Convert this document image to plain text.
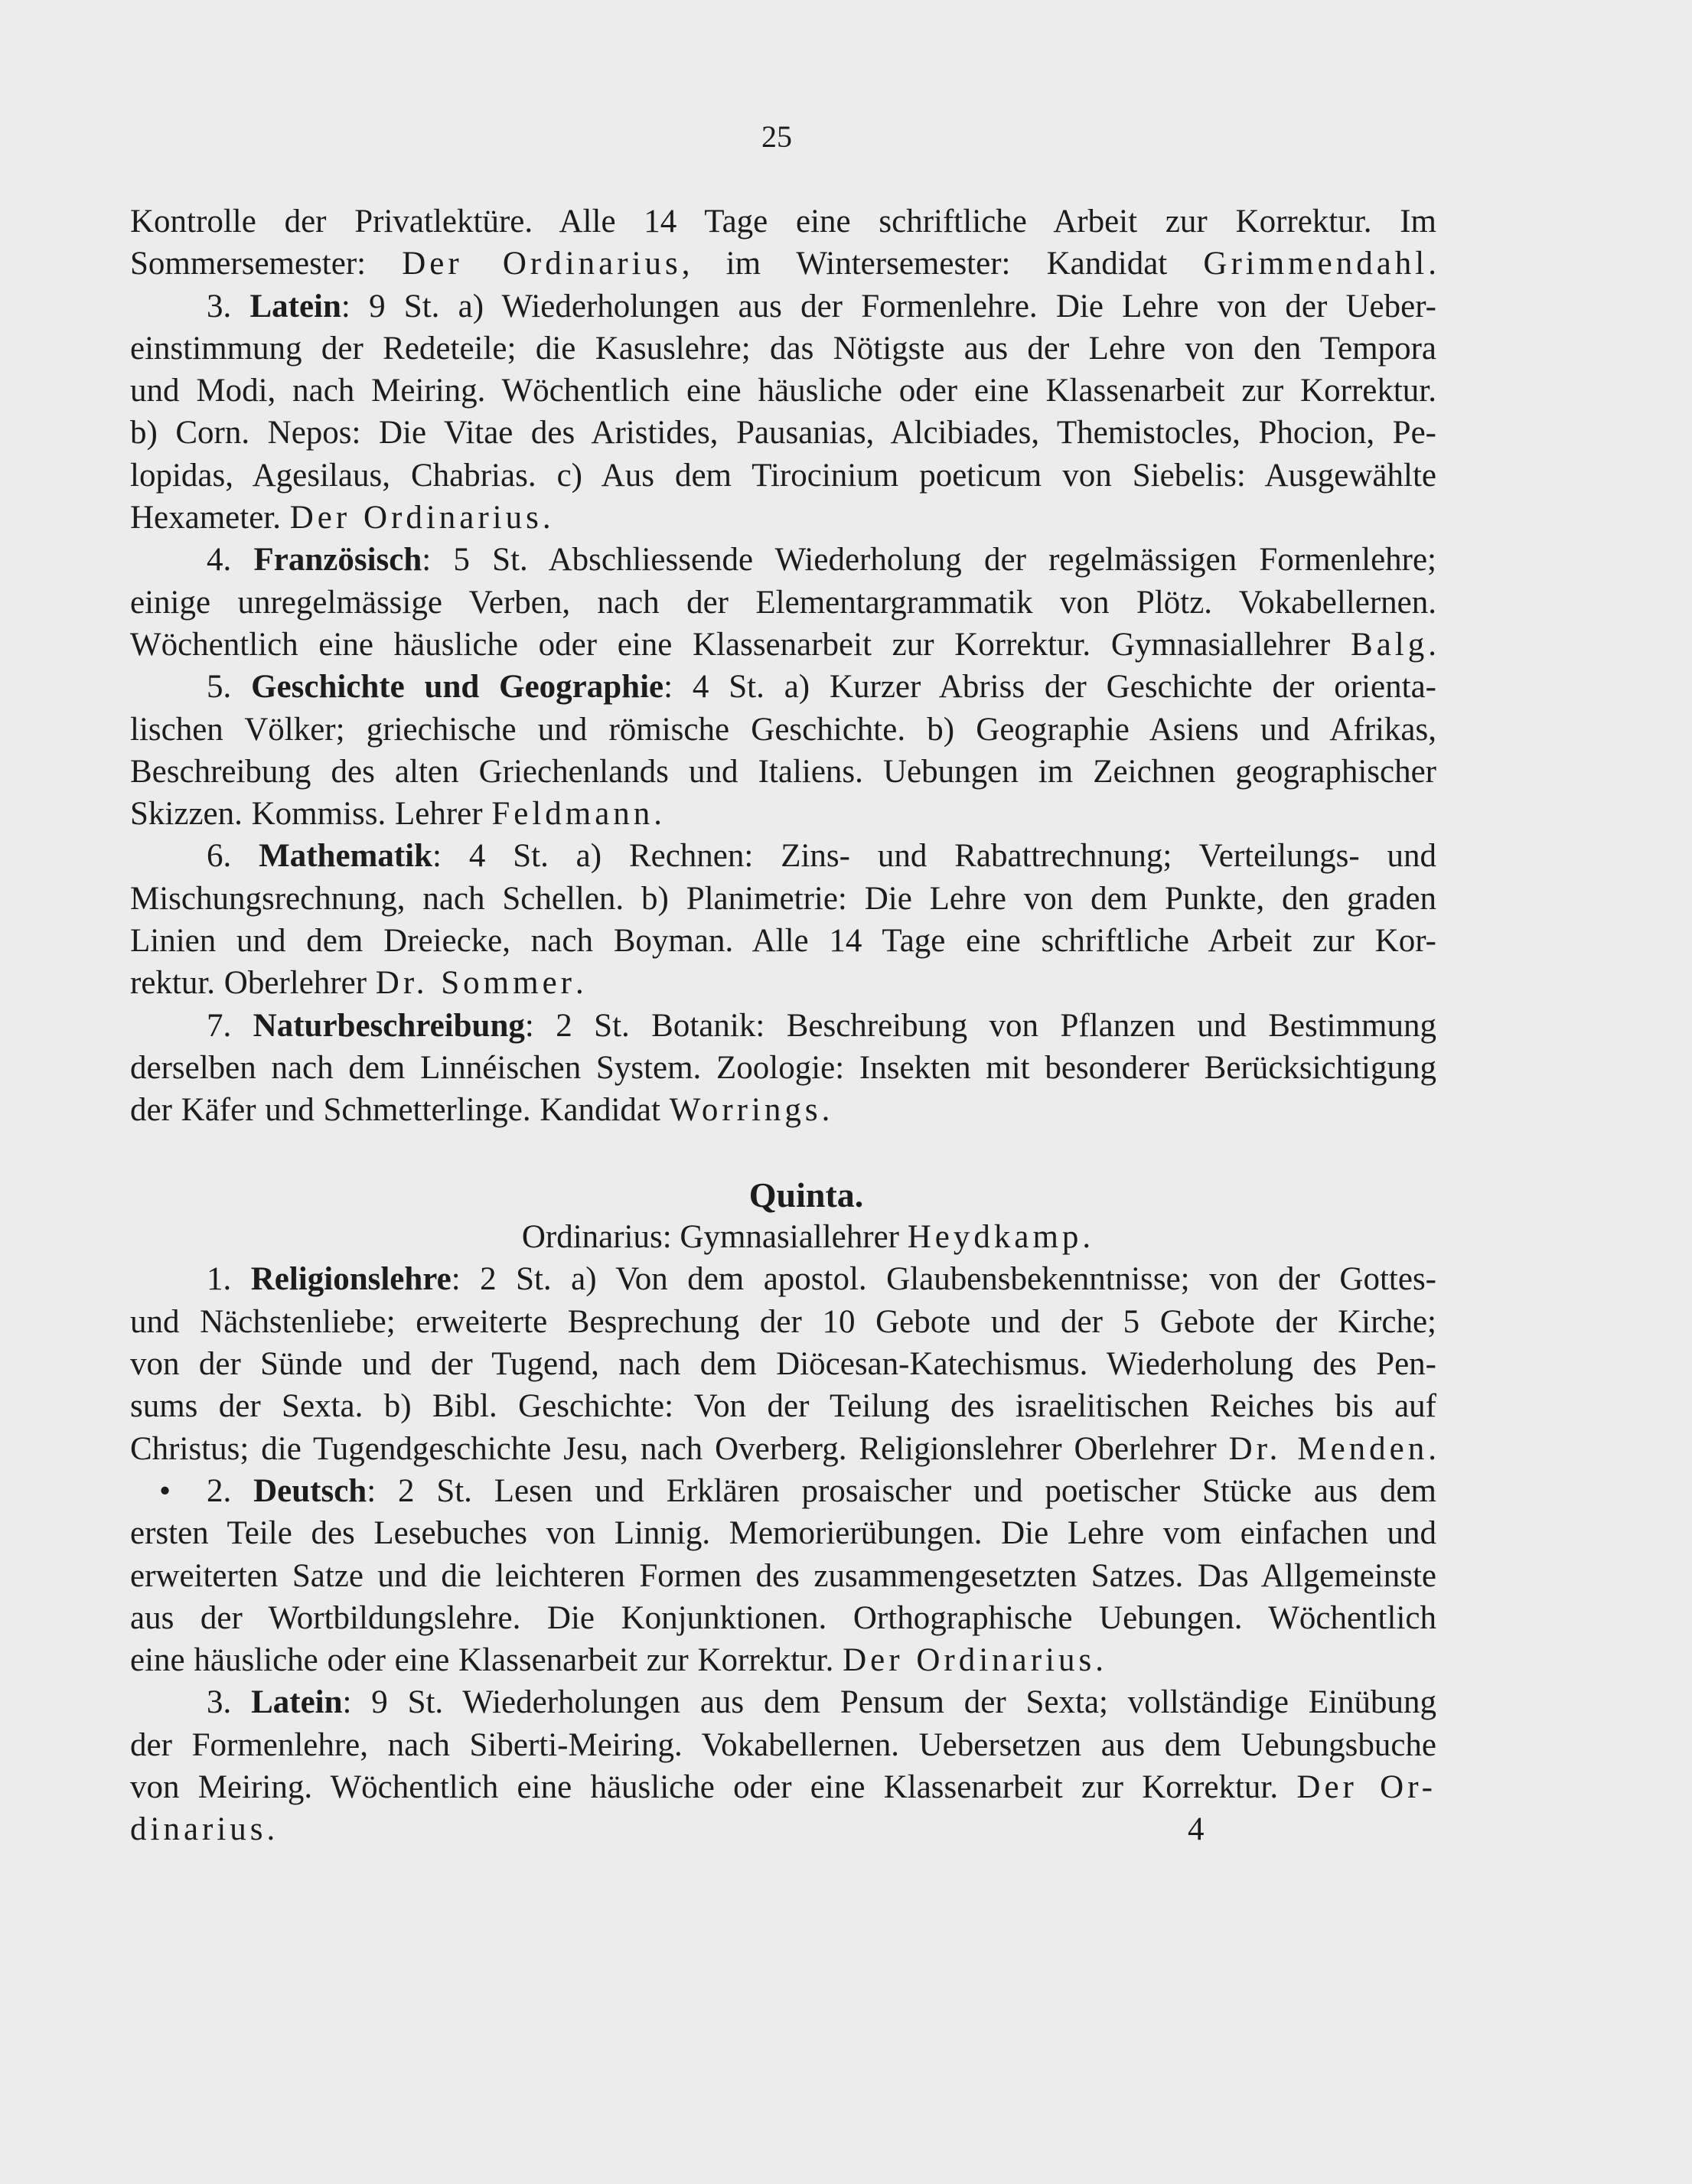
25
Kontrolle der Privatlektüre. Alle 14 Tage eine schriftliche Arbeit zur Korrektur. Im
Sommersemester: Der Ordinarius, im Wintersemester: Kandidat Grimmendahl.
3. Latein: 9 St. a) Wiederholungen aus der Formenlehre. Die Lehre von der Ueber-
einstimmung der Redeteile; die Kasuslehre; das Nötigste aus der Lehre von den Tempora
und Modi, nach Meiring. Wöchentlich eine häusliche oder eine Klassenarbeit zur Korrektur.
b) Corn. Nepos: Die Vitae des Aristides, Pausanias, Alcibiades, Themistocles, Phocion, Pe-
lopidas, Agesilaus, Chabrias. c) Aus dem Tirocinium poeticum von Siebelis: Ausgewählte
Hexameter. Der Ordinarius.
4. Französisch: 5 St. Abschliessende Wiederholung der regelmässigen Formenlehre;
einige unregelmässige Verben, nach der Elementargrammatik von Plötz. Vokabellernen.
Wöchentlich eine häusliche oder eine Klassenarbeit zur Korrektur. Gymnasiallehrer Balg.
5. Geschichte und Geographie: 4 St. a) Kurzer Abriss der Geschichte der orienta-
lischen Völker; griechische und römische Geschichte. b) Geographie Asiens und Afrikas,
Beschreibung des alten Griechenlands und Italiens. Uebungen im Zeichnen geographischer
Skizzen. Kommiss. Lehrer Feldmann.
6. Mathematik: 4 St. a) Rechnen: Zins- und Rabattrechnung; Verteilungs- und
Mischungsrechnung, nach Schellen. b) Planimetrie: Die Lehre von dem Punkte, den graden
Linien und dem Dreiecke, nach Boyman. Alle 14 Tage eine schriftliche Arbeit zur Kor-
rektur. Oberlehrer Dr. Sommer.
7. Naturbeschreibung: 2 St. Botanik: Beschreibung von Pflanzen und Bestimmung
derselben nach dem Linnéischen System. Zoologie: Insekten mit besonderer Berücksichtigung
der Käfer und Schmetterlinge. Kandidat Worrings.
Quinta.
Ordinarius: Gymnasiallehrer Heydkamp.
1. Religionslehre: 2 St. a) Von dem apostol. Glaubensbekenntnisse; von der Gottes-
und Nächstenliebe; erweiterte Besprechung der 10 Gebote und der 5 Gebote der Kirche;
von der Sünde und der Tugend, nach dem Diöcesan-Katechismus. Wiederholung des Pen-
sums der Sexta. b) Bibl. Geschichte: Von der Teilung des israelitischen Reiches bis auf
Christus; die Tugendgeschichte Jesu, nach Overberg. Religionslehrer Oberlehrer Dr. Menden.
• 2. Deutsch: 2 St. Lesen und Erklären prosaischer und poetischer Stücke aus dem
ersten Teile des Lesebuches von Linnig. Memorierübungen. Die Lehre vom einfachen und
erweiterten Satze und die leichteren Formen des zusammengesetzten Satzes. Das Allgemeinste
aus der Wortbildungslehre. Die Konjunktionen. Orthographische Uebungen. Wöchentlich
eine häusliche oder eine Klassenarbeit zur Korrektur. Der Ordinarius.
3. Latein: 9 St. Wiederholungen aus dem Pensum der Sexta; vollständige Einübung
der Formenlehre, nach Siberti-Meiring. Vokabellernen. Uebersetzen aus dem Uebungsbuche
von Meiring. Wöchentlich eine häusliche oder eine Klassenarbeit zur Korrektur. Der Or-
dinarius.	4
